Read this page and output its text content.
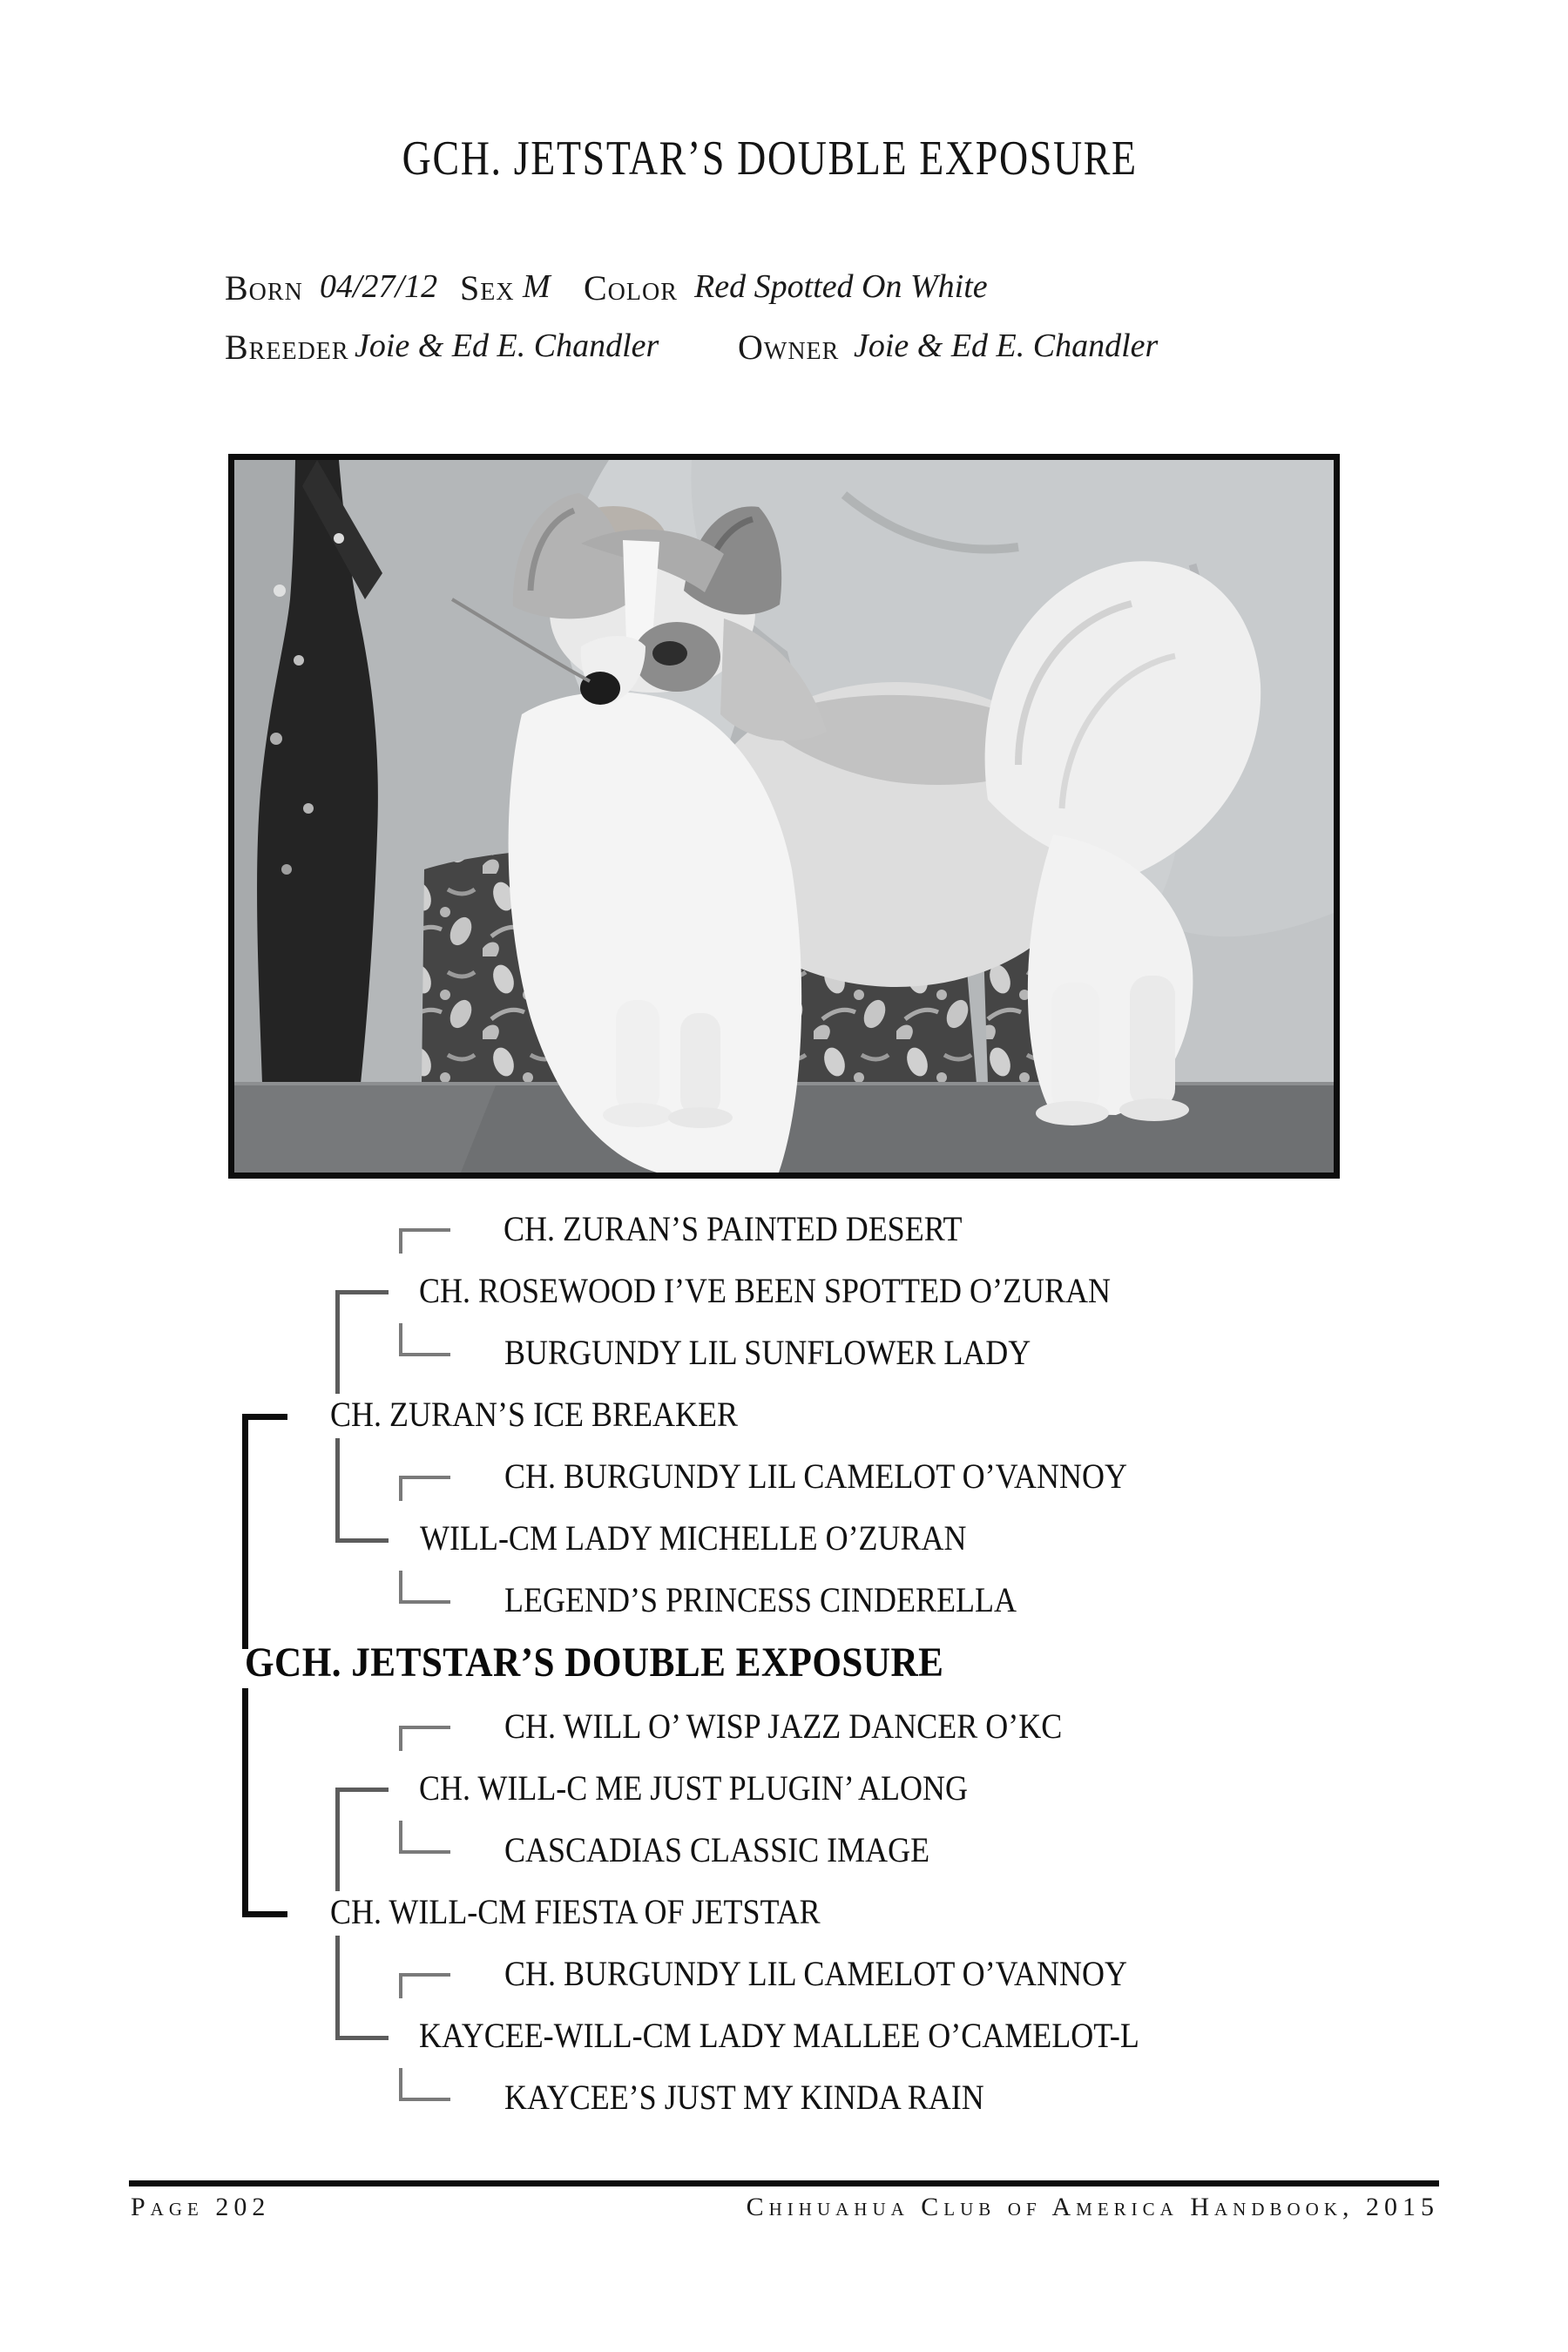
GCH. JETSTAR’S DOUBLE EXPOSURE
Born 04/27/12 Sex M Color Red Spotted On White
Breeder Joie & Ed E. Chandler Owner Joie & Ed E. Chandler
CH. ZURAN’S PAINTED DESERT
CH. ROSEWOOD I’VE BEEN SPOTTED O’ZURAN
BURGUNDY LIL SUNFLOWER LADY
CH. ZURAN’S ICE BREAKER
CH. BURGUNDY LIL CAMELOT O’VANNOY
WILL-CM LADY MICHELLE O’ZURAN
LEGEND’S PRINCESS CINDERELLA
GCH. JETSTAR’S DOUBLE EXPOSURE
CH. WILL O’ WISP JAZZ DANCER O’KC
CH. WILL-C ME JUST PLUGIN’ ALONG
CASCADIAS CLASSIC IMAGE
CH. WILL-CM FIESTA OF JETSTAR
CH. BURGUNDY LIL CAMELOT O’VANNOY
KAYCEE-WILL-CM LADY MALLEE O’CAMELOT-L
KAYCEE’S JUST MY KINDA RAIN
Page 202	Chihuahua Club of America Handbook, 2015
